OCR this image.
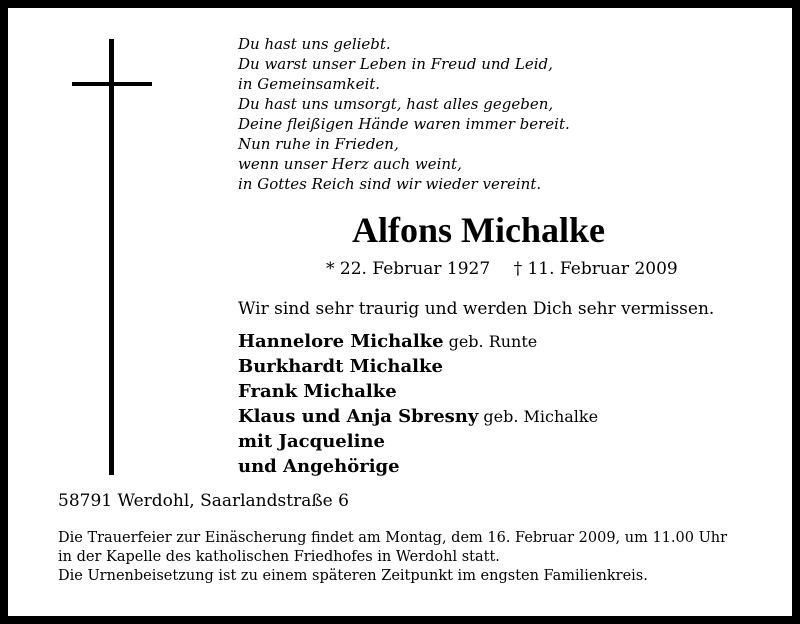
Du hast uns geliebt.
Du warst unser Leben in Freud und Leid,
in Gemeinsamkeit.
Du hast uns umsorgt, hast alles gegeben,
Deine fleißigen Hände waren immer bereit.
Nun ruhe in Frieden,
wenn unser Herz auch weint,
in Gottes Reich sind wir wieder vereint.
Alfons Michalke
* 22. Februar 1927 † 11. Februar 2009
Wir sind sehr traurig und werden Dich sehr vermissen.
Hannelore Michalke geb. Runte
Burkhardt Michalke
Frank Michalke
Klaus und Anja Sbresny geb. Michalke
mit Jacqueline
und Angehörige
58791 Werdohl, Saarlandstraße 6
Die Trauerfeier zur Einäscherung findet am Montag, dem 16. Februar 2009, um 11.00 Uhr
in der Kapelle des katholischen Friedhofes in Werdohl statt.
Die Urnenbeisetzung ist zu einem späteren Zeitpunkt im engsten Familienkreis.
